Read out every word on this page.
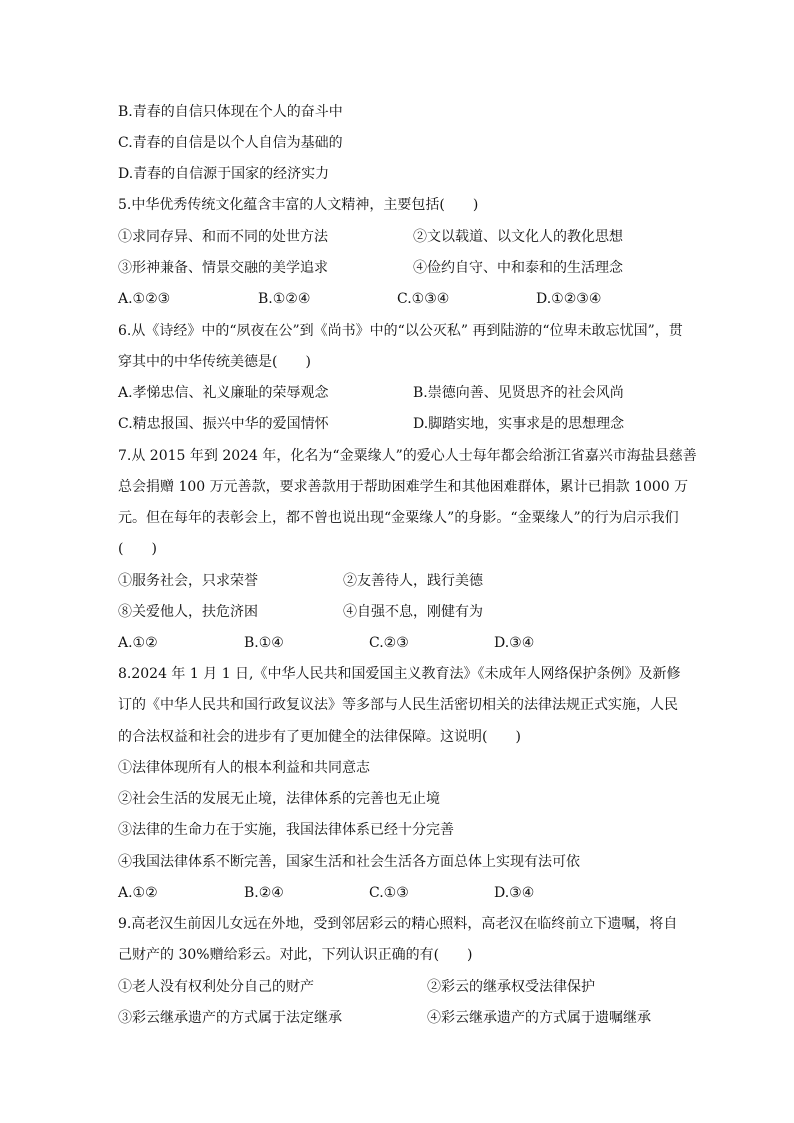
B.青春的自信只体现在个人的奋斗中
C.青春的自信是以个人自信为基础的
D.青春的自信源于国家的经济实力
5.中华优秀传统文化蕴含丰富的人文精神，主要包括(　　)
①求同存异、和而不同的处世方法	②文以载道、以文化人的教化思想
③形神兼备、情景交融的美学追求	④俭约自守、中和泰和的生活理念
A.①②③	B.①②④	C.①③④	D.①②③④
6.从《诗经》中的“夙夜在公”到《尚书》中的“以公灭私” 再到陆游的“位卑未敢忘忧国”，贯
穿其中的中华传统美德是(　　)
A.孝悌忠信、礼义廉耻的荣辱观念	B.崇德向善、见贤思齐的社会风尚
C.精忠报国、振兴中华的爱国情怀	D.脚踏实地，实事求是的思想理念
7.从 2015 年到 2024 年，化名为“金粟缘人”的爱心人士每年都会给浙江省嘉兴市海盐县慈善
总会捐赠 100 万元善款，要求善款用于帮助困难学生和其他困难群体，累计已捐款 1000 万
元。但在每年的表彰会上，都不曾也说出现“金粟缘人”的身影。“金粟缘人”的行为启示我们
(　　)
①服务社会，只求荣誉	②友善待人，践行美德
⑧关爱他人，扶危济困	④自强不息，刚健有为
A.①②	B.①④	C.②③	D.③④
8.2024 年 1 月 1 日,《中华人民共和国爱国主义教育法》《未成年人网络保护条例》及新修
订的《中华人民共和国行政复议法》等多部与人民生活密切相关的法律法规正式实施，人民
的合法权益和社会的进步有了更加健全的法律保障。这说明(　　)
①法律体现所有人的根本利益和共同意志
②社会生活的发展无止境，法律体系的完善也无止境
③法律的生命力在于实施，我国法律体系已经十分完善
④我国法律体系不断完善，国家生活和社会生活各方面总体上实现有法可依
A.①②	B.②④	C.①③	D.③④
9.高老汉生前因儿女远在外地，受到邻居彩云的精心照料，高老汉在临终前立下遗嘱，将自
己财产的 30%赠给彩云。对此，下列认识正确的有(　　)
①老人没有权利处分自己的财产	②彩云的继承权受法律保护
③彩云继承遗产的方式属于法定继承	④彩云继承遗产的方式属于遗嘱继承
